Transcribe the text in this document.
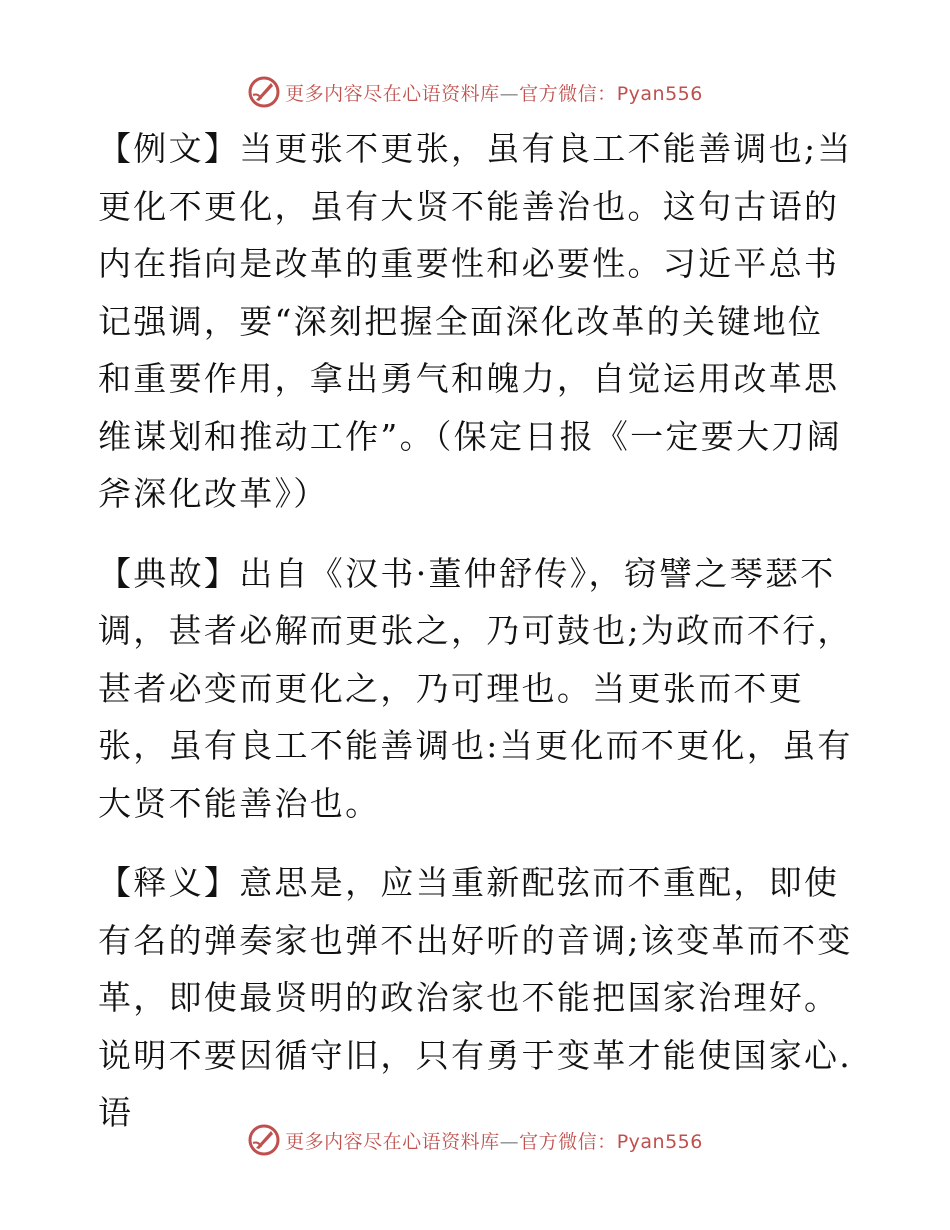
更多内容尽在心语资料库—官方微信：Pyan556

【例文】当更张不更张，虽有良工不能善调也;当更化不更化，虽有大贤不能善治也。这句古语的内在指向是改革的重要性和必要性。习近平总书记强调，要“深刻把握全面深化改革的关键地位和重要作用，拿出勇气和魄力，自觉运用改革思维谋划和推动工作”。（保定日报《一定要大刀阔斧深化改革》）

【典故】出自《汉书·董仲舒传》，窃譬之琴瑟不调，甚者必解而更张之，乃可鼓也;为政而不行，甚者必变而更化之，乃可理也。当更张而不更张，虽有良工不能善调也:当更化而不更化，虽有大贤不能善治也。

【释义】意思是，应当重新配弦而不重配，即使有名的弹奏家也弹不出好听的音调;该变革而不变革，即使最贤明的政治家也不能把国家治理好。说明不要因循守旧，只有勇于变革才能使国家心.语

更多内容尽在心语资料库—官方微信：Pyan556
